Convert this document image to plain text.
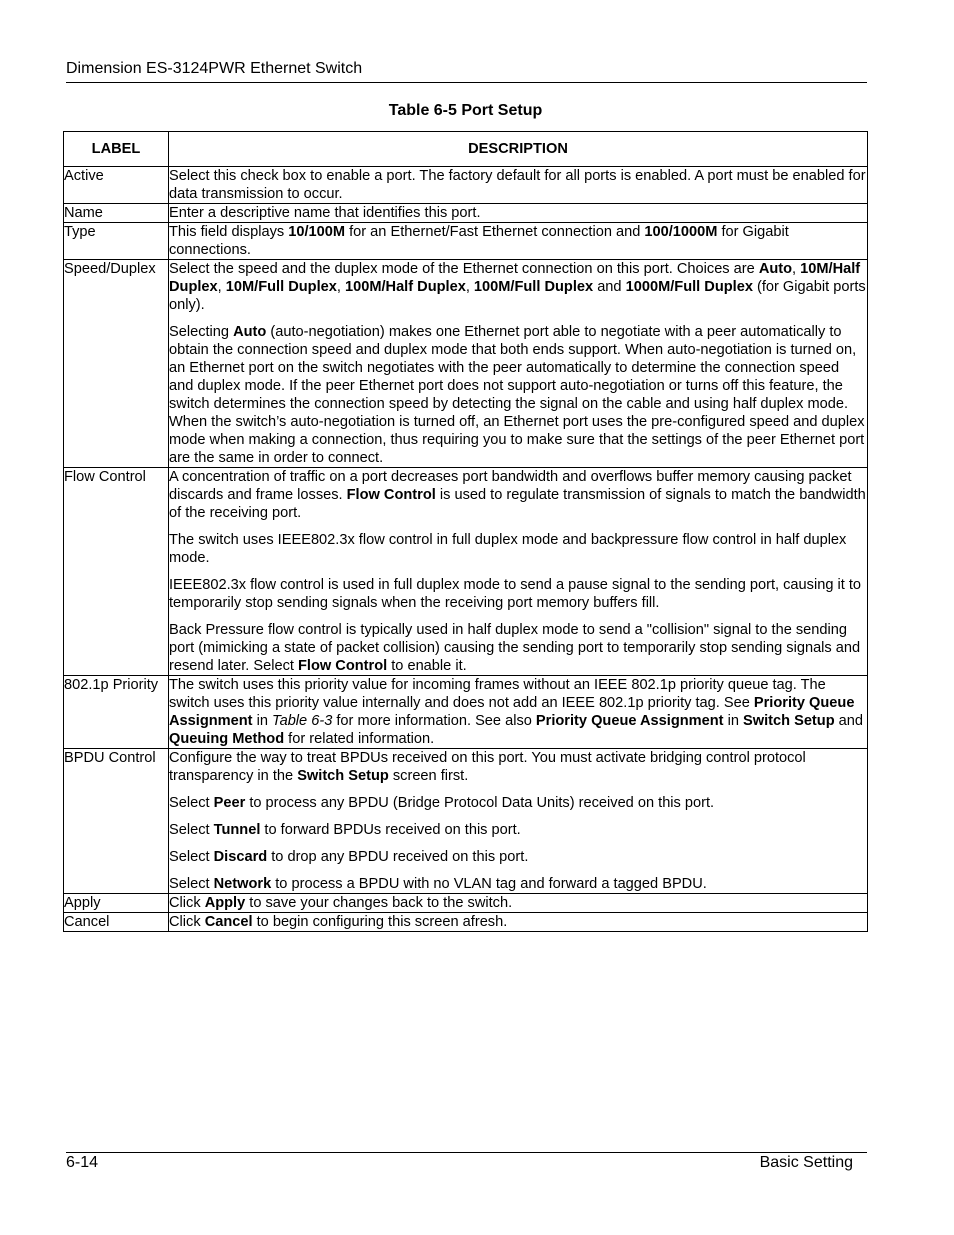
Dimension ES-3124PWR Ethernet Switch
Table 6-5 Port Setup
LABEL	DESCRIPTION
Active	Select this check box to enable a port. The factory default for all ports is enabled. A port must be enabled for data transmission to occur.

Name	Enter a descriptive name that identifies this port.

Type	This field displays 10/100M for an Ethernet/Fast Ethernet connection and 100/1000M for Gigabit connections.

Speed/Duplex	Select the speed and the duplex mode of the Ethernet connection on this port. Choices are Auto, 10M/Half Duplex, 10M/Full Duplex, 100M/Half Duplex, 100M/Full Duplex and 1000M/Full Duplex (for Gigabit ports only).

Selecting Auto (auto-negotiation) makes one Ethernet port able to negotiate with a peer automatically to obtain the connection speed and duplex mode that both ends support. When auto-negotiation is turned on, an Ethernet port on the switch negotiates with the peer automatically to determine the connection speed and duplex mode. If the peer Ethernet port does not support auto-negotiation or turns off this feature, the switch determines the connection speed by detecting the signal on the cable and using half duplex mode. When the switch’s auto-negotiation is turned off, an Ethernet port uses the pre-configured speed and duplex mode when making a connection, thus requiring you to make sure that the settings of the peer Ethernet port are the same in order to connect.

Flow Control	A concentration of traffic on a port decreases port bandwidth and overflows buffer memory causing packet discards and frame losses. Flow Control is used to regulate transmission of signals to match the bandwidth of the receiving port.

The switch uses IEEE802.3x flow control in full duplex mode and backpressure flow control in half duplex mode.

IEEE802.3x flow control is used in full duplex mode to send a pause signal to the sending port, causing it to temporarily stop sending signals when the receiving port memory buffers fill.

Back Pressure flow control is typically used in half duplex mode to send a "collision" signal to the sending port (mimicking a state of packet collision) causing the sending port to temporarily stop sending signals and resend later. Select Flow Control to enable it.

802.1p Priority	The switch uses this priority value for incoming frames without an IEEE 802.1p priority queue tag. The switch uses this priority value internally and does not add an IEEE 802.1p priority tag. See Priority Queue Assignment in Table 6-3 for more information. See also Priority Queue Assignment in Switch Setup and Queuing Method for related information.

BPDU Control	Configure the way to treat BPDUs received on this port. You must activate bridging control protocol transparency in the Switch Setup screen first.

Select Peer to process any BPDU (Bridge Protocol Data Units) received on this port.

Select Tunnel to forward BPDUs received on this port.

Select Discard to drop any BPDU received on this port.

Select Network to process a BPDU with no VLAN tag and forward a tagged BPDU.

Apply	Click Apply to save your changes back to the switch.

Cancel	Click Cancel to begin configuring this screen afresh.

6-14	Basic Setting
